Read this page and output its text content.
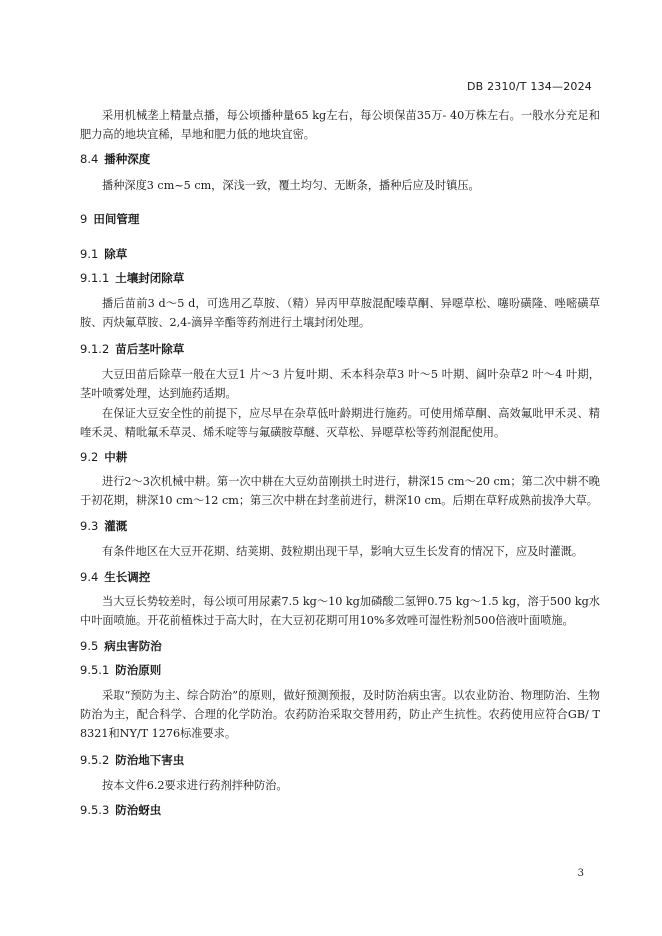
DB 2310/T 134—2024
采用机械垄上精量点播，每公顷播种量65 kg左右，每公顷保苗35万- 40万株左右。一般水分充足和肥力高的地块宜稀，旱地和肥力低的地块宜密。
8.4 播种深度
播种深度3 cm~5 cm，深浅一致，覆土均匀、无断条，播种后应及时镇压。
9 田间管理
9.1 除草
9.1.1 土壤封闭除草
播后苗前3 d～5 d，可选用乙草胺、（精）异丙甲草胺混配嗪草酮、异噁草松、噻吩磺隆、唑嘧磺草胺、丙炔氟草胺、2,4-滴异辛酯等药剂进行土壤封闭处理。
9.1.2 苗后茎叶除草
大豆田苗后除草一般在大豆1 片～3 片复叶期、禾本科杂草3 叶～5 叶期、阔叶杂草2 叶～4 叶期，茎叶喷雾处理，达到施药适期。
在保证大豆安全性的前提下，应尽早在杂草低叶龄期进行施药。可使用烯草酮、高效氟吡甲禾灵、精喹禾灵、精吡氟禾草灵、烯禾啶等与氟磺胺草醚、灭草松、异噁草松等药剂混配使用。
9.2 中耕
进行2～3次机械中耕。第一次中耕在大豆幼苗刚拱土时进行，耕深15 cm～20 cm；第二次中耕不晚于初花期，耕深10 cm～12 cm；第三次中耕在封垄前进行，耕深10 cm。后期在草籽成熟前拔净大草。
9.3 灌溉
有条件地区在大豆开花期、结荚期、鼓粒期出现干旱，影响大豆生长发育的情况下，应及时灌溉。
9.4 生长调控
当大豆长势较差时，每公顷可用尿素7.5 kg～10 kg加磷酸二氢钾0.75 kg～1.5 kg，溶于500 kg水中叶面喷施。开花前植株过于高大时，在大豆初花期可用10%多效唑可湿性粉剂500倍液叶面喷施。
9.5 病虫害防治
9.5.1 防治原则
采取“预防为主、综合防治”的原则，做好预测预报，及时防治病虫害。以农业防治、物理防治、生物防治为主，配合科学、合理的化学防治。农药防治采取交替用药，防止产生抗性。农药使用应符合GB/ T 8321和NY/T 1276标准要求。
9.5.2 防治地下害虫
按本文件6.2要求进行药剂拌种防治。
9.5.3 防治蚜虫
3
